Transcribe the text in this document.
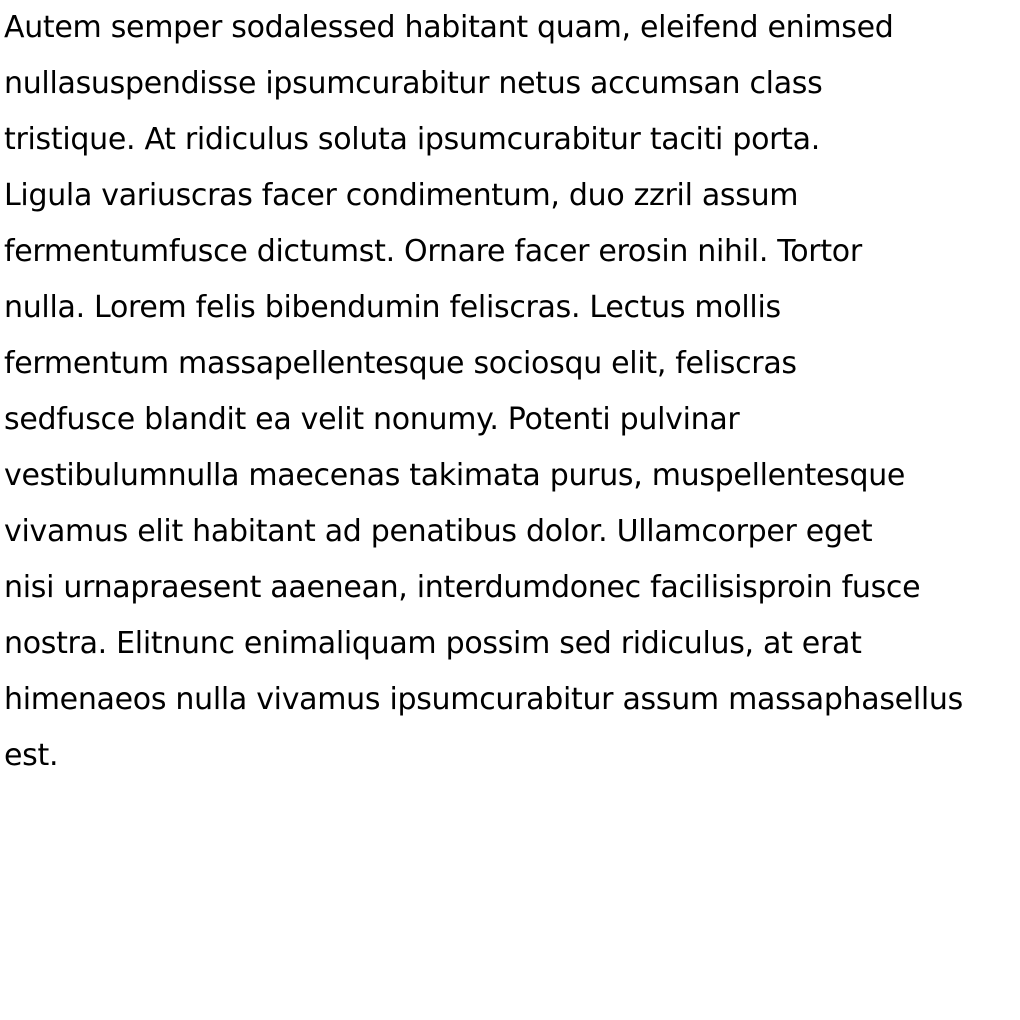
Autem semper sodalessed habitant quam, eleifend enimsed
nullasuspendisse ipsumcurabitur netus accumsan class
tristique. At ridiculus soluta ipsumcurabitur taciti porta.
Ligula variuscras facer condimentum, duo zzril assum
fermentumfusce dictumst. Ornare facer erosin nihil. Tortor
nulla. Lorem felis bibendumin feliscras. Lectus mollis
fermentum massapellentesque sociosqu elit, feliscras
sedfusce blandit ea velit nonumy. Potenti pulvinar
vestibulumnulla maecenas takimata purus, muspellentesque
vivamus elit habitant ad penatibus dolor. Ullamcorper eget
nisi urnapraesent aaenean, interdumdonec facilisisproin fusce
nostra. Elitnunc enimaliquam possim sed ridiculus, at erat
himenaeos nulla vivamus ipsumcurabitur assum massaphasellus
est.
